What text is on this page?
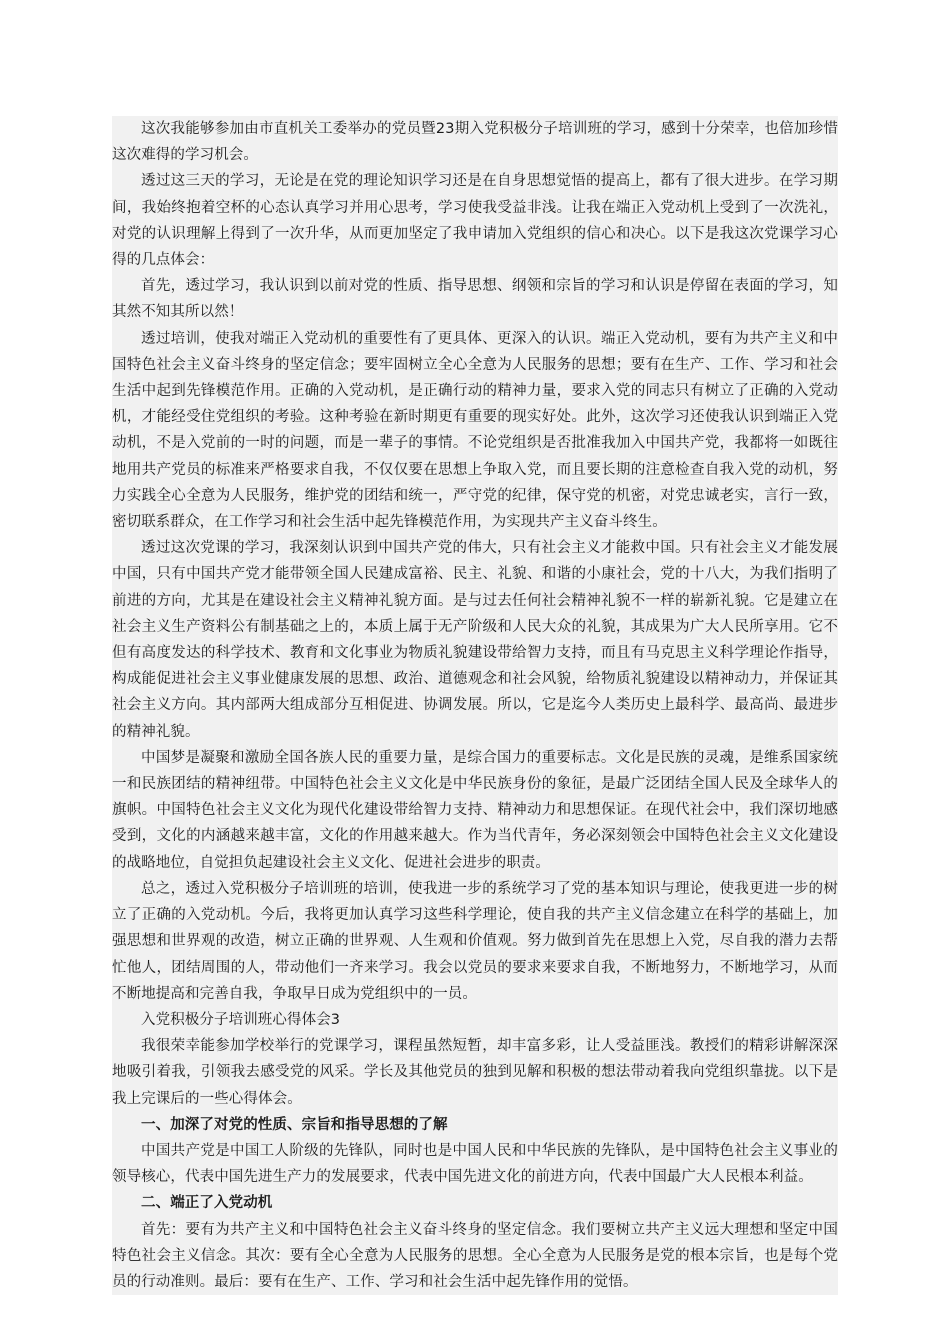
这次我能够参加由市直机关工委举办的党员暨23期入党积极分子培训班的学习，感到十分荣幸，也倍加珍惜这次难得的学习机会。

透过这三天的学习，无论是在党的理论知识学习还是在自身思想觉悟的提高上，都有了很大进步。在学习期间，我始终抱着空杯的心态认真学习并用心思考，学习使我受益非浅。让我在端正入党动机上受到了一次洗礼，对党的认识理解上得到了一次升华，从而更加坚定了我申请加入党组织的信心和决心。以下是我这次党课学习心得的几点体会：

首先，透过学习，我认识到以前对党的性质、指导思想、纲领和宗旨的学习和认识是停留在表面的学习，知其然不知其所以然！

透过培训，使我对端正入党动机的重要性有了更具体、更深入的认识。端正入党动机，要有为共产主义和中国特色社会主义奋斗终身的坚定信念；要牢固树立全心全意为人民服务的思想；要有在生产、工作、学习和社会生活中起到先锋模范作用。正确的入党动机，是正确行动的精神力量，要求入党的同志只有树立了正确的入党动机，才能经受住党组织的考验。这种考验在新时期更有重要的现实好处。此外，这次学习还使我认识到端正入党动机，不是入党前的一时的问题，而是一辈子的事情。不论党组织是否批准我加入中国共产党，我都将一如既往地用共产党员的标准来严格要求自我，不仅仅要在思想上争取入党，而且要长期的注意检查自我入党的动机，努力实践全心全意为人民服务，维护党的团结和统一，严守党的纪律，保守党的机密，对党忠诚老实，言行一致，密切联系群众，在工作学习和社会生活中起先锋模范作用，为实现共产主义奋斗终生。

透过这次党课的学习，我深刻认识到中国共产党的伟大，只有社会主义才能救中国。只有社会主义才能发展中国，只有中国共产党才能带领全国人民建成富裕、民主、礼貌、和谐的小康社会，党的十八大，为我们指明了前进的方向，尤其是在建设社会主义精神礼貌方面。是与过去任何社会精神礼貌不一样的崭新礼貌。它是建立在社会主义生产资料公有制基础之上的，本质上属于无产阶级和人民大众的礼貌，其成果为广大人民所享用。它不但有高度发达的科学技术、教育和文化事业为物质礼貌建设带给智力支持，而且有马克思主义科学理论作指导，构成能促进社会主义事业健康发展的思想、政治、道德观念和社会风貌，给物质礼貌建设以精神动力，并保证其社会主义方向。其内部两大组成部分互相促进、协调发展。所以，它是迄今人类历史上最科学、最高尚、最进步的精神礼貌。

中国梦是凝聚和激励全国各族人民的重要力量，是综合国力的重要标志。文化是民族的灵魂，是维系国家统一和民族团结的精神纽带。中国特色社会主义文化是中华民族身份的象征，是最广泛团结全国人民及全球华人的旗帜。中国特色社会主义文化为现代化建设带给智力支持、精神动力和思想保证。在现代社会中，我们深切地感受到，文化的内涵越来越丰富，文化的作用越来越大。作为当代青年，务必深刻领会中国特色社会主义文化建设的战略地位，自觉担负起建设社会主义文化、促进社会进步的职责。

总之，透过入党积极分子培训班的培训，使我进一步的系统学习了党的基本知识与理论，使我更进一步的树立了正确的入党动机。今后，我将更加认真学习这些科学理论，使自我的共产主义信念建立在科学的基础上，加强思想和世界观的改造，树立正确的世界观、人生观和价值观。努力做到首先在思想上入党，尽自我的潜力去帮忙他人，团结周围的人，带动他们一齐来学习。我会以党员的要求来要求自我，不断地努力，不断地学习，从而不断地提高和完善自我，争取早日成为党组织中的一员。

入党积极分子培训班心得体会3

我很荣幸能参加学校举行的党课学习，课程虽然短暂，却丰富多彩，让人受益匪浅。教授们的精彩讲解深深地吸引着我，引领我去感受党的风采。学长及其他党员的独到见解和积极的想法带动着我向党组织靠拢。以下是我上完课后的一些心得体会。

一、加深了对党的性质、宗旨和指导思想的了解

中国共产党是中国工人阶级的先锋队，同时也是中国人民和中华民族的先锋队，是中国特色社会主义事业的领导核心，代表中国先进生产力的发展要求，代表中国先进文化的前进方向，代表中国最广大人民根本利益。

二、端正了入党动机

首先：要有为共产主义和中国特色社会主义奋斗终身的坚定信念。我们要树立共产主义远大理想和坚定中国特色社会主义信念。其次：要有全心全意为人民服务的思想。全心全意为人民服务是党的根本宗旨，也是每个党员的行动准则。最后：要有在生产、工作、学习和社会生活中起先锋作用的觉悟。
